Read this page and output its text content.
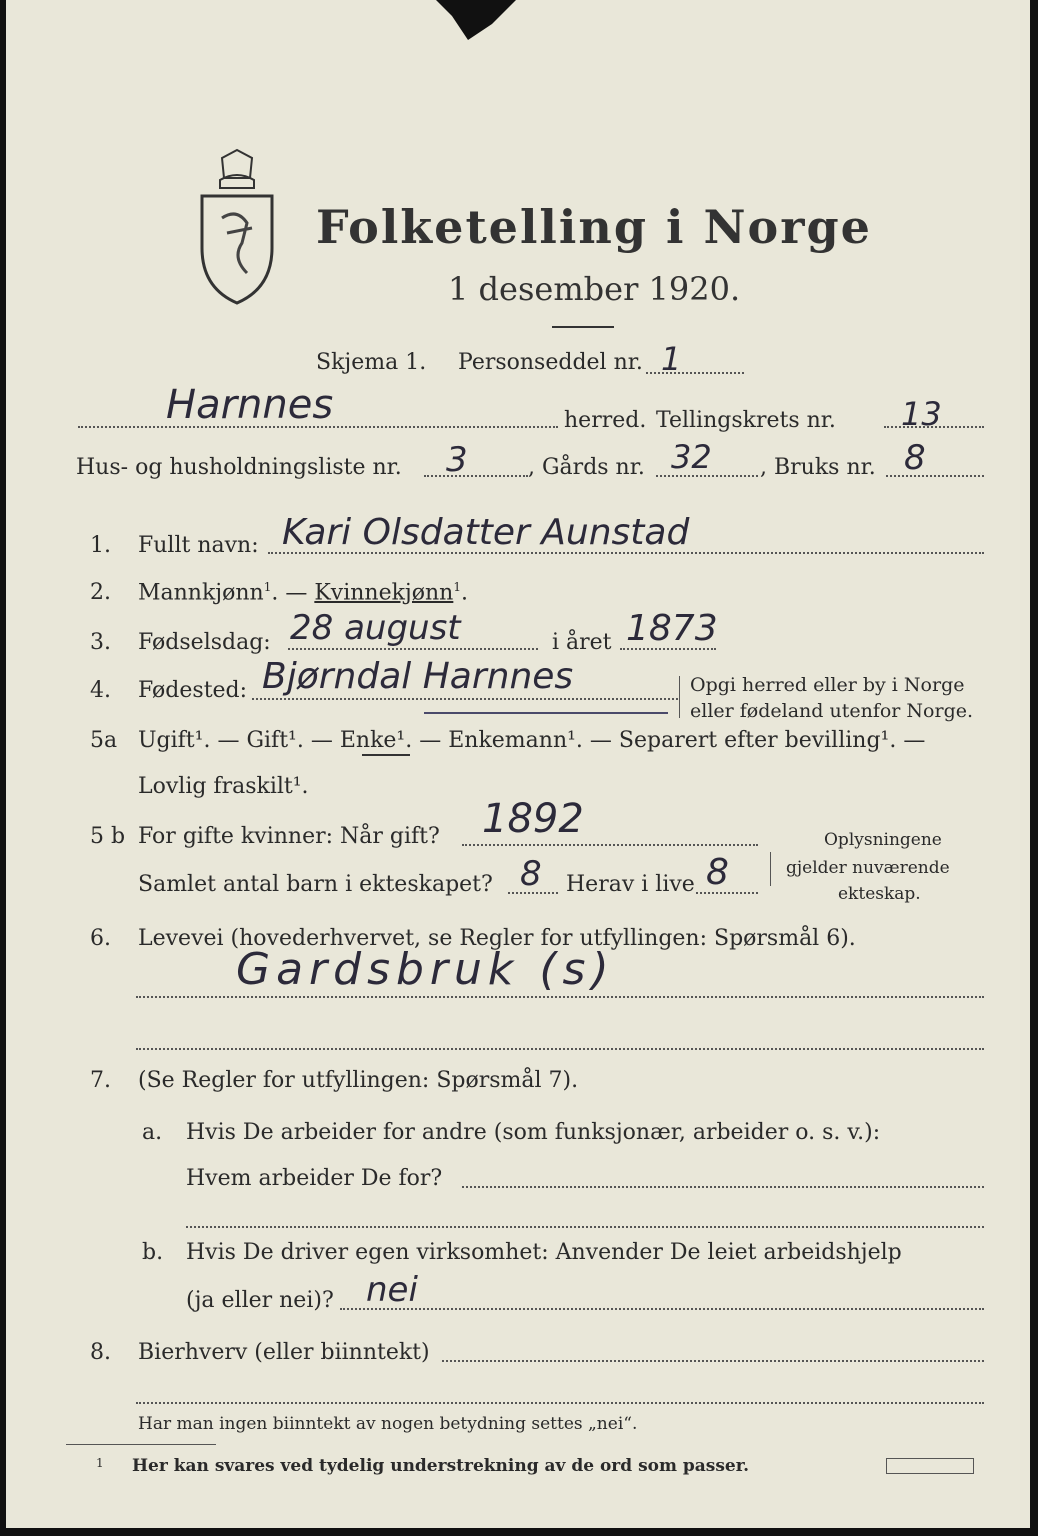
Folketelling i Norge
1 desember 1920.
Skjema 1. Personseddel nr. 1
Harnnes	herred. Tellingskrets nr. 13
Hus- og husholdningsliste nr. 3	, Gårds nr. 32 , Bruks nr. 8
1. Fullt navn: Kari Olsdatter Aunstad
2. Mannkjønn$^1$. — Kvinnekjønn$^1$.
3. Fødselsdag: 28 august	i året 1873
4. Fødested: Bjørndal Harnnes	Opgi herred eller by i Norge
eller fødeland utenfor Norge.
5a Ugift¹. — Gift¹. — Enke¹. — Enkemann¹. — Separert efter bevilling¹. —
Lovlig fraskilt¹.
5 b For gifte kvinner: Når gift? 1892
Samlet antal barn i ekteskapet? 8 Herav i live 8
Oplysningene
gjelder nuværende
ekteskap.
6. Levevei (hovederhvervet, se Regler for utfyllingen: Spørsmål 6).
Gardsbruk (s)
7. (Se Regler for utfyllingen: Spørsmål 7).
a. Hvis De arbeider for andre (som funksjonær, arbeider o. s. v.):
Hvem arbeider De for?
b. Hvis De driver egen virksomhet: Anvender De leiet arbeidshjelp
(ja eller nei)? nei
8. Bierhverv (eller biinntekt)
Har man ingen biinntekt av nogen betydning settes „nei“.
1 Her kan svares ved tydelig understrekning av de ord som passer.
